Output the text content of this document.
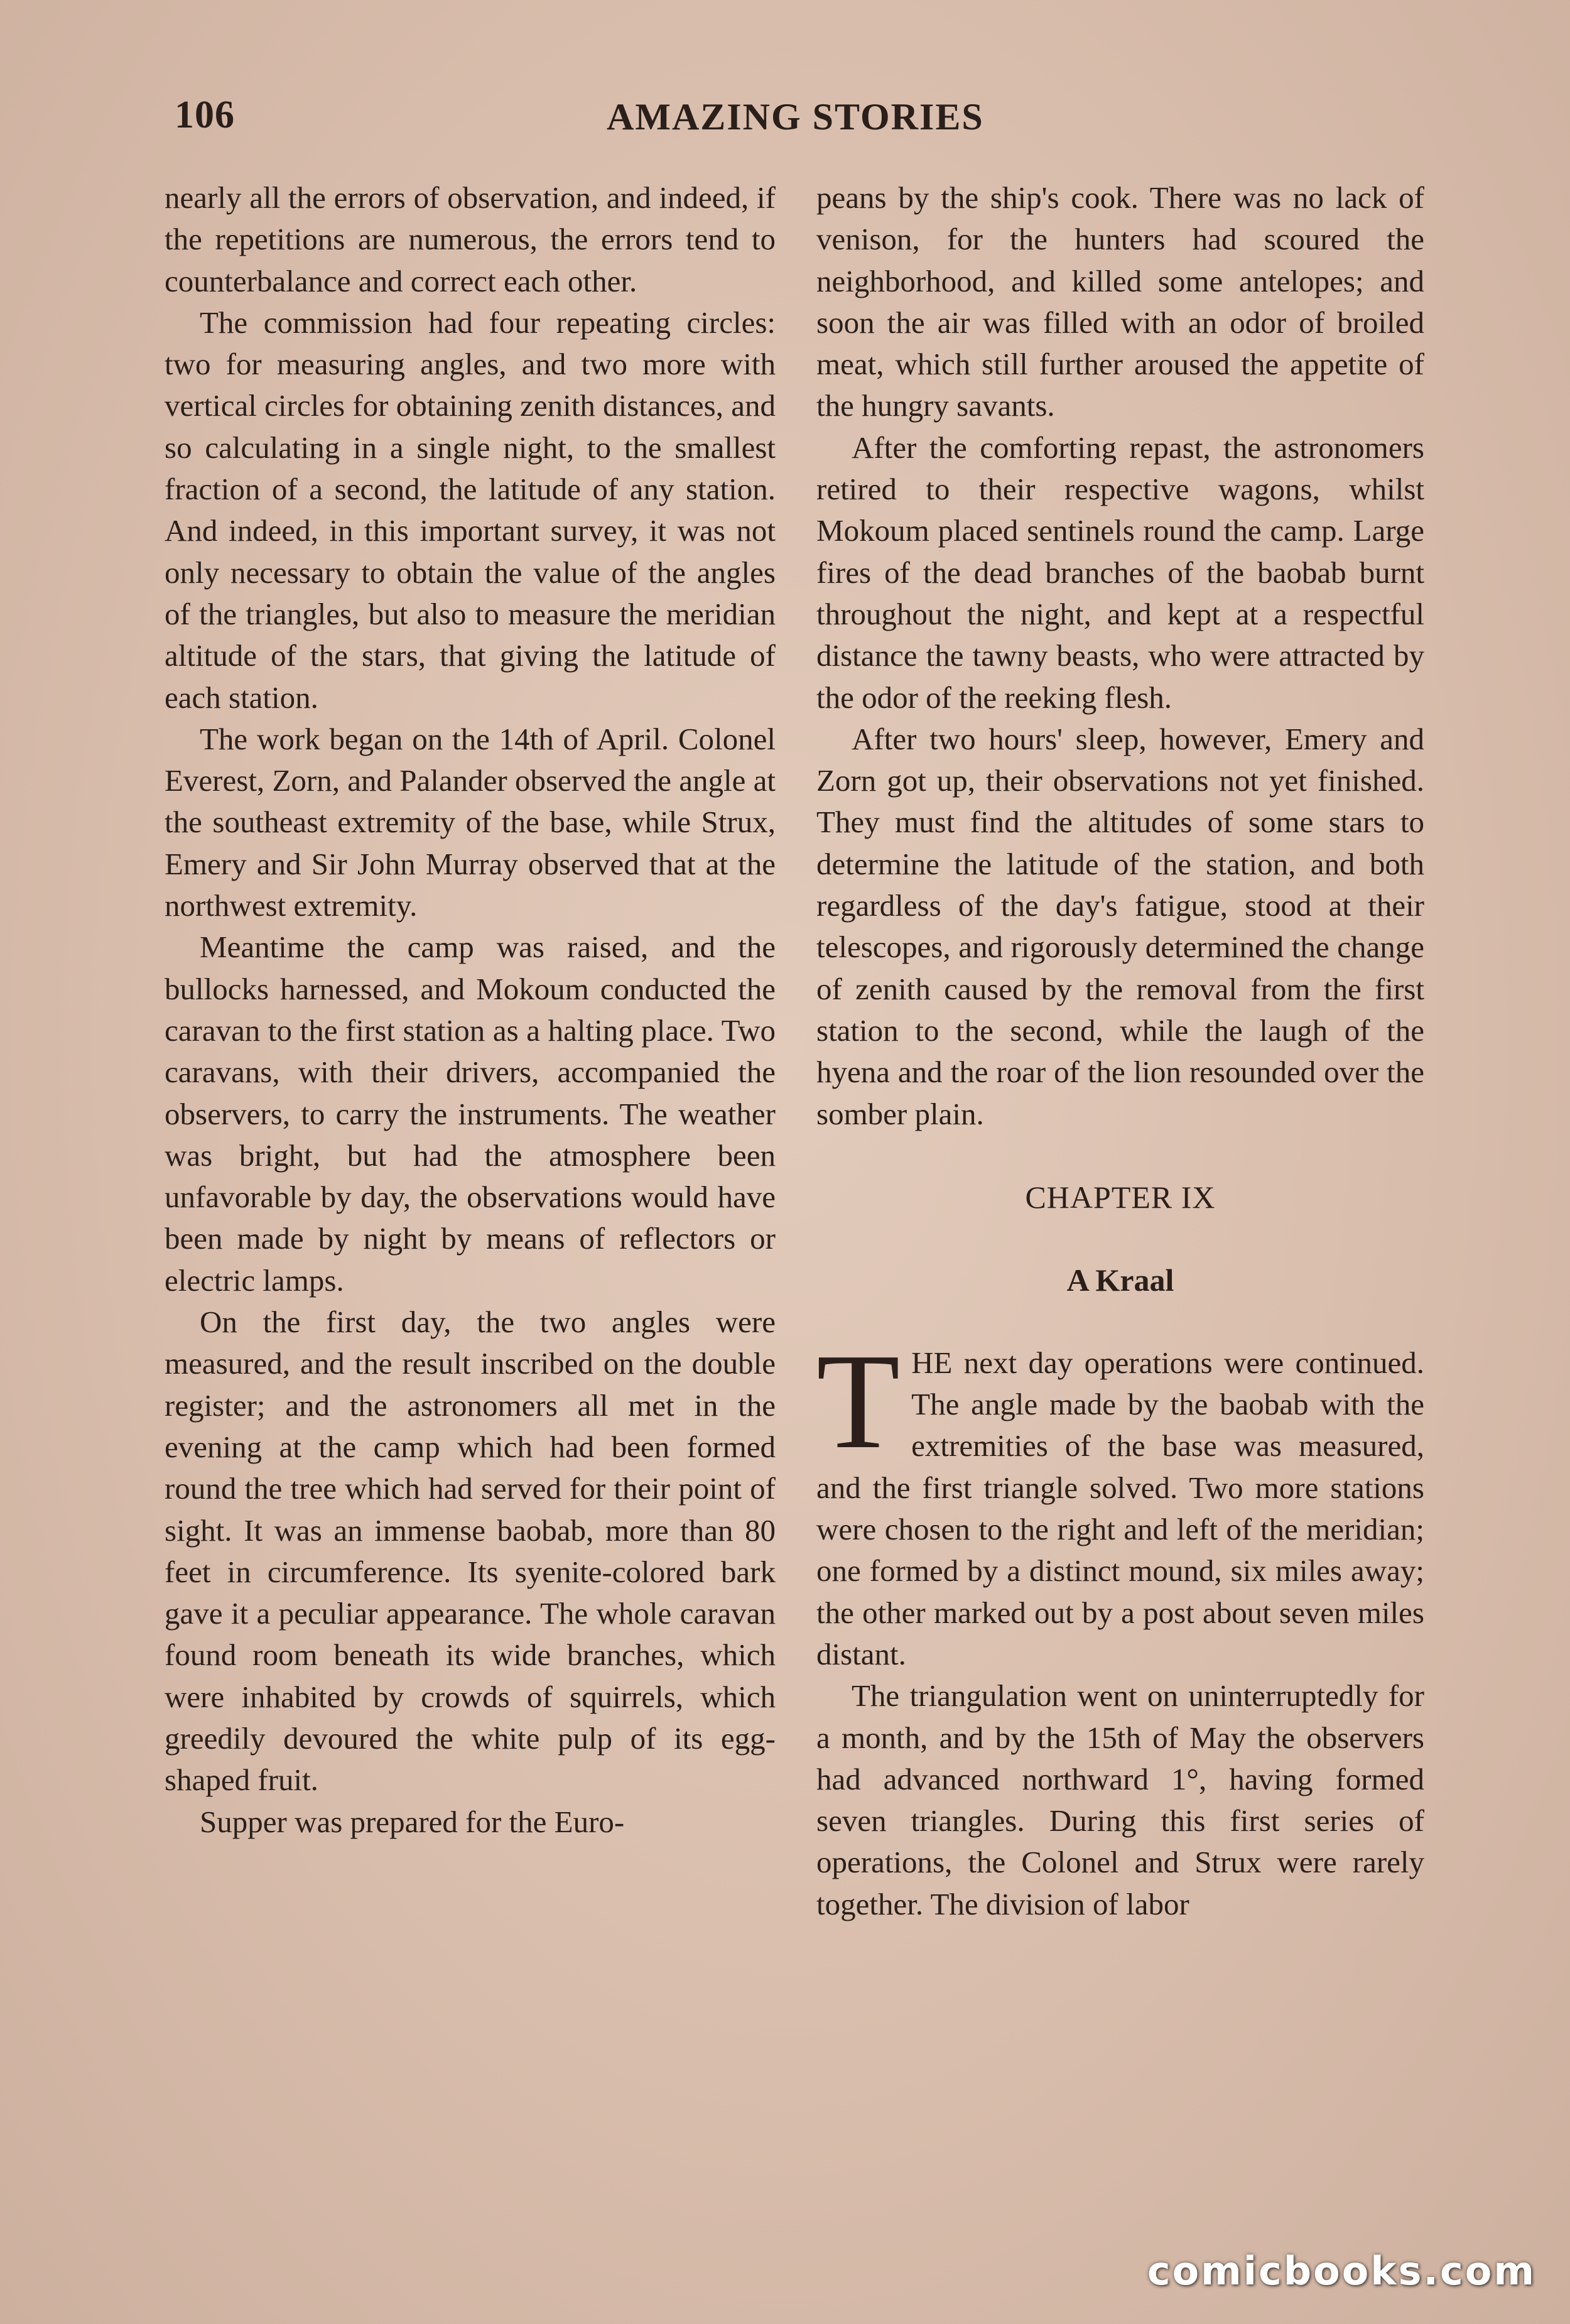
106	AMAZING STORIES

nearly all the errors of observation, and indeed, if the repetitions are numerous, the errors tend to counterbalance and correct each other.

The commission had four repeating circles: two for measuring angles, and two more with vertical circles for obtaining zenith distances, and so calculating in a single night, to the smallest fraction of a second, the latitude of any station. And indeed, in this important survey, it was not only necessary to obtain the value of the angles of the triangles, but also to measure the meridian altitude of the stars, that giving the latitude of each station.

The work began on the 14th of April. Colonel Everest, Zorn, and Palander observed the angle at the southeast extremity of the base, while Strux, Emery and Sir John Murray observed that at the northwest extremity.

Meantime the camp was raised, and the bullocks harnessed, and Mokoum conducted the caravan to the first station as a halting place. Two caravans, with their drivers, accompanied the observers, to carry the instruments. The weather was bright, but had the atmosphere been unfavorable by day, the observations would have been made by night by means of reflectors or electric lamps.

On the first day, the two angles were measured, and the result inscribed on the double register; and the astronomers all met in the evening at the camp which had been formed round the tree which had served for their point of sight. It was an immense baobab, more than 80 feet in circumference. Its syenite-colored bark gave it a peculiar appearance. The whole caravan found room beneath its wide branches, which were inhabited by crowds of squirrels, which greedily devoured the white pulp of its egg-shaped fruit.

Supper was prepared for the Euro-

peans by the ship's cook. There was no lack of venison, for the hunters had scoured the neighborhood, and killed some antelopes; and soon the air was filled with an odor of broiled meat, which still further aroused the appetite of the hungry savants.

After the comforting repast, the astronomers retired to their respective wagons, whilst Mokoum placed sentinels round the camp. Large fires of the dead branches of the baobab burnt throughout the night, and kept at a respectful distance the tawny beasts, who were attracted by the odor of the reeking flesh.

After two hours' sleep, however, Emery and Zorn got up, their observations not yet finished. They must find the altitudes of some stars to determine the latitude of the station, and both regardless of the day's fatigue, stood at their telescopes, and rigorously determined the change of zenith caused by the removal from the first station to the second, while the laugh of the hyena and the roar of the lion resounded over the somber plain.

CHAPTER IX

A Kraal

THE next day operations were continued. The angle made by the baobab with the extremities of the base was measured, and the first triangle solved. Two more stations were chosen to the right and left of the meridian; one formed by a distinct mound, six miles away; the other marked out by a post about seven miles distant.

The triangulation went on uninterruptedly for a month, and by the 15th of May the observers had advanced northward 1°, having formed seven triangles. During this first series of operations, the Colonel and Strux were rarely together. The division of labor

comicbooks.com
